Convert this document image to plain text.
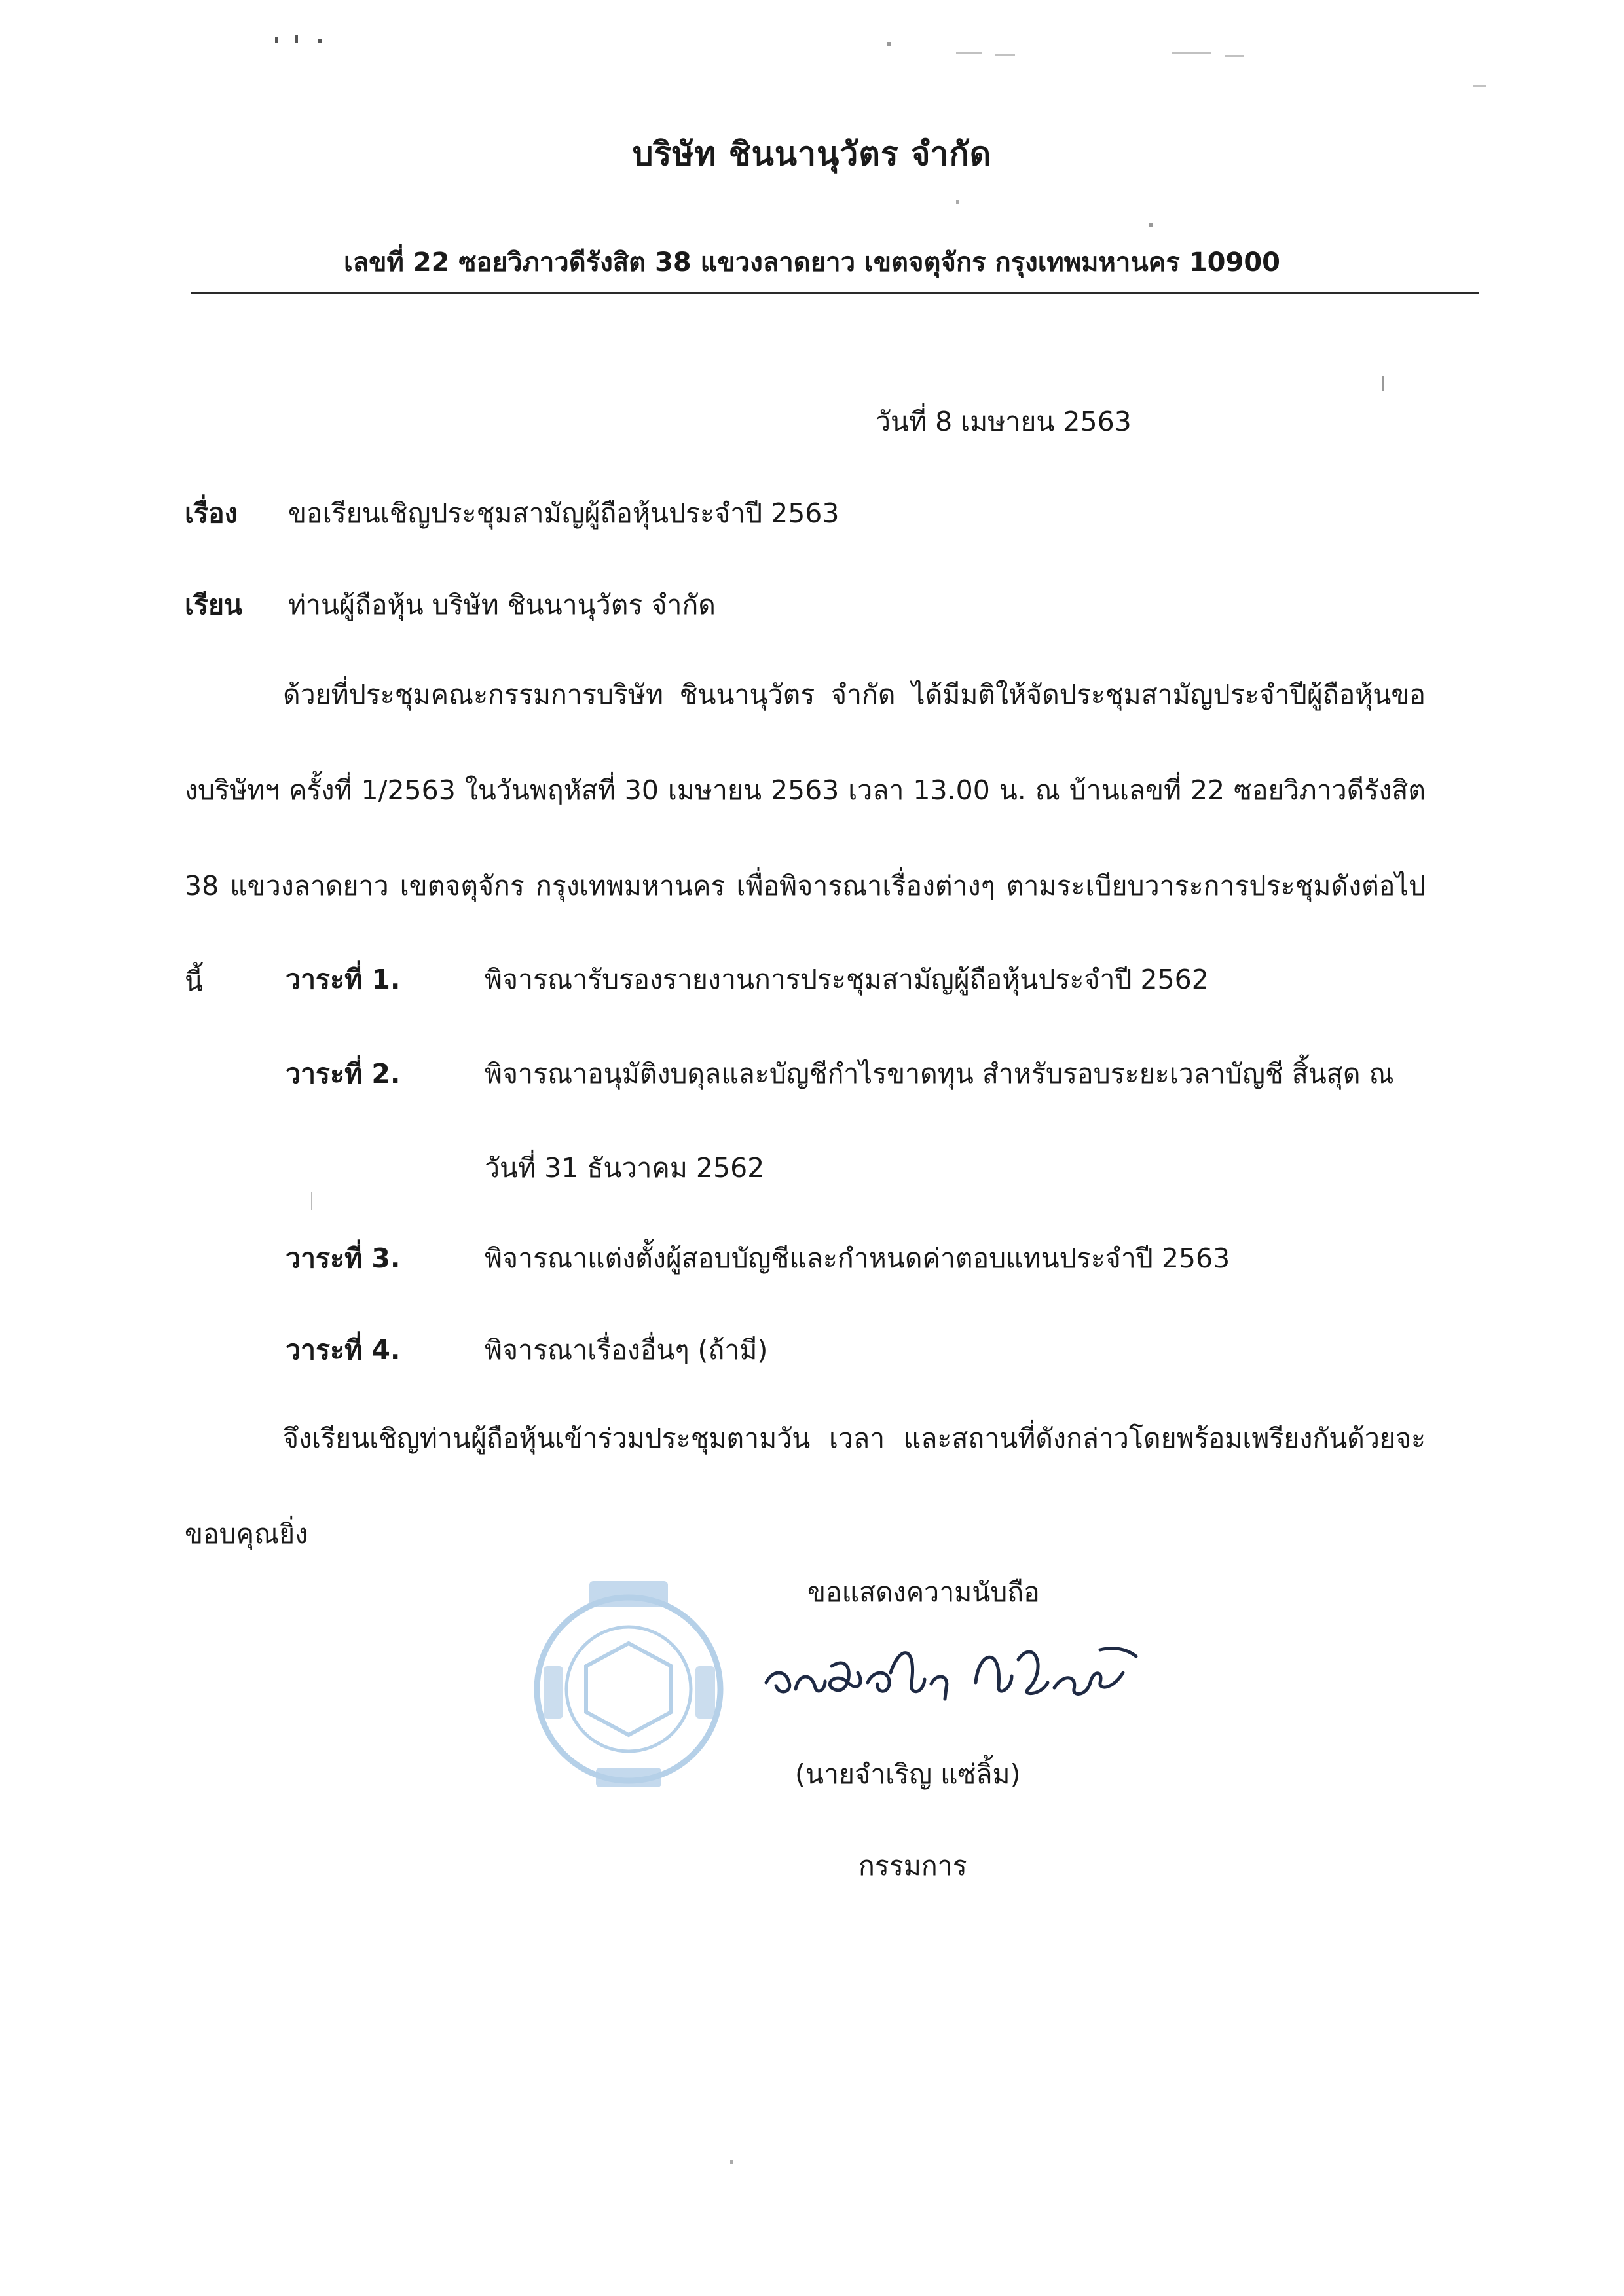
บริษัท ชินนานุวัตร จำกัด
เลขที่ 22 ซอยวิภาวดีรังสิต 38 แขวงลาดยาว เขตจตุจักร กรุงเทพมหานคร 10900
วันที่ 8 เมษายน 2563
เรื่อง ขอเรียนเชิญประชุมสามัญผู้ถือหุ้นประจำปี 2563
เรียน ท่านผู้ถือหุ้น บริษัท ชินนานุวัตร จำกัด
ด้วยที่ประชุมคณะกรรมการบริษัท ชินนานุวัตร จำกัด ได้มีมติให้จัดประชุมสามัญประจำปีผู้ถือหุ้นของบริษัทฯ ครั้งที่ 1/2563 ในวันพฤหัสที่ 30 เมษายน 2563 เวลา 13.00 น. ณ บ้านเลขที่ 22 ซอยวิภาวดีรังสิต 38 แขวงลาดยาว เขตจตุจักร กรุงเทพมหานคร เพื่อพิจารณาเรื่องต่างๆ ตามระเบียบวาระการประชุมดังต่อไปนี้	วาระที่ 1.	พิจารณารับรองรายงานการประชุมสามัญผู้ถือหุ้นประจำปี 2562
วาระที่ 2.	พิจารณาอนุมัติงบดุลและบัญชีกำไรขาดทุน สำหรับรอบระยะเวลาบัญชี สิ้นสุด ณ
วันที่ 31 ธันวาคม 2562
วาระที่ 3.	พิจารณาแต่งตั้งผู้สอบบัญชีและกำหนดค่าตอบแทนประจำปี 2563
วาระที่ 4.	พิจารณาเรื่องอื่นๆ (ถ้ามี)
จึงเรียนเชิญท่านผู้ถือหุ้นเข้าร่วมประชุมตามวัน เวลา และสถานที่ดังกล่าวโดยพร้อมเพรียงกันด้วยจะขอบคุณยิ่ง
ขอแสดงความนับถือ
(นายจำเริญ แซ่ลิ้ม)
กรรมการ
